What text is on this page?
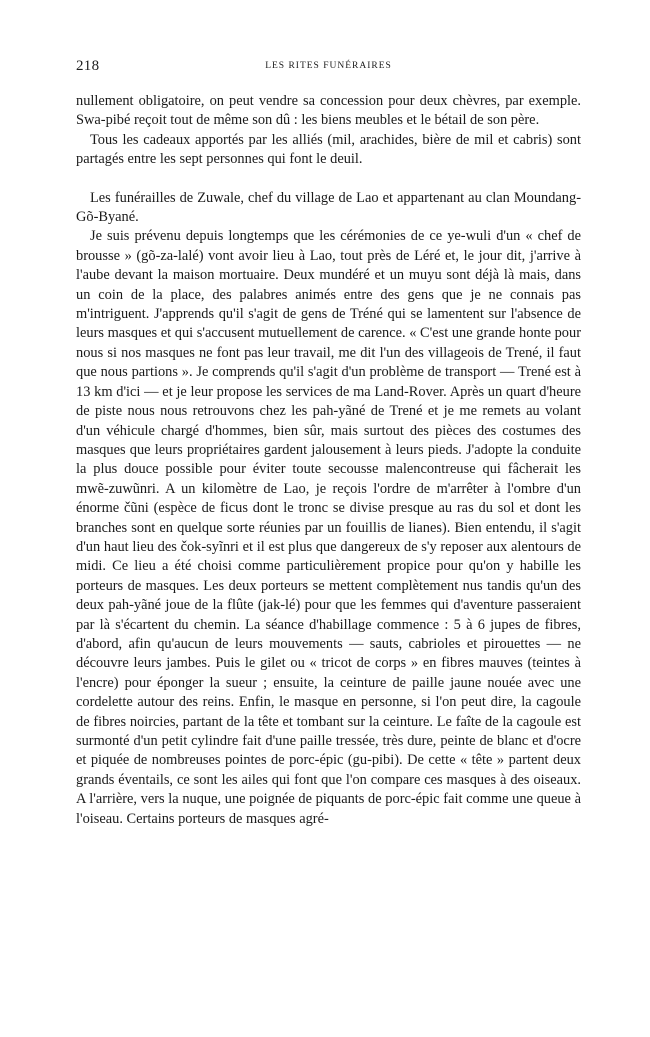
218	LES RITES FUNÉRAIRES

nullement obligatoire, on peut vendre sa concession pour deux chèvres, par exemple. Swa-pibé reçoit tout de même son dû : les biens meubles et le bétail de son père.

Tous les cadeaux apportés par les alliés (mil, arachides, bière de mil et cabris) sont partagés entre les sept personnes qui font le deuil.

Les funérailles de Zuwale, chef du village de Lao et appartenant au clan Moundang-Gõ-Byané.

Je suis prévenu depuis longtemps que les cérémonies de ce ye-wuli d'un « chef de brousse » (gõ-za-lalé) vont avoir lieu à Lao, tout près de Léré et, le jour dit, j'arrive à l'aube devant la maison mortuaire. Deux mundéré et un muyu sont déjà là mais, dans un coin de la place, des palabres animés entre des gens que je ne connais pas m'intriguent. J'apprends qu'il s'agit de gens de Tréné qui se lamentent sur l'absence de leurs masques et qui s'accusent mutuellement de carence. « C'est une grande honte pour nous si nos masques ne font pas leur travail, me dit l'un des villageois de Trené, il faut que nous partions ». Je comprends qu'il s'agit d'un problème de transport — Trené est à 13 km d'ici — et je leur propose les services de ma Land-Rover. Après un quart d'heure de piste nous nous retrouvons chez les pah-yãné de Trené et je me remets au volant d'un véhicule chargé d'hommes, bien sûr, mais surtout des pièces des costumes des masques que leurs propriétaires gardent jalousement à leurs pieds. J'adopte la conduite la plus douce possible pour éviter toute secousse malencontreuse qui fâcherait les mwẽ-zuwũnri. A un kilomètre de Lao, je reçois l'ordre de m'arrêter à l'ombre d'un énorme čũni (espèce de ficus dont le tronc se divise presque au ras du sol et dont les branches sont en quelque sorte réunies par un fouillis de lianes). Bien entendu, il s'agit d'un haut lieu des čok-syĩnri et il est plus que dangereux de s'y reposer aux alentours de midi. Ce lieu a été choisi comme particulièrement propice pour qu'on y habille les porteurs de masques. Les deux porteurs se mettent complètement nus tandis qu'un des deux pah-yãné joue de la flûte (jak-lé) pour que les femmes qui d'aventure passeraient par là s'écartent du chemin. La séance d'habillage commence : 5 à 6 jupes de fibres, d'abord, afin qu'aucun de leurs mouvements — sauts, cabrioles et pirouettes — ne découvre leurs jambes. Puis le gilet ou « tricot de corps » en fibres mauves (teintes à l'encre) pour éponger la sueur ; ensuite, la ceinture de paille jaune nouée avec une cordelette autour des reins. Enfin, le masque en personne, si l'on peut dire, la cagoule de fibres noircies, partant de la tête et tombant sur la ceinture. Le faîte de la cagoule est surmonté d'un petit cylindre fait d'une paille tressée, très dure, peinte de blanc et d'ocre et piquée de nombreuses pointes de porc-épic (gu-pibi). De cette « tête » partent deux grands éventails, ce sont les ailes qui font que l'on compare ces masques à des oiseaux. A l'arrière, vers la nuque, une poignée de piquants de porc-épic fait comme une queue à l'oiseau. Certains porteurs de masques agré-
